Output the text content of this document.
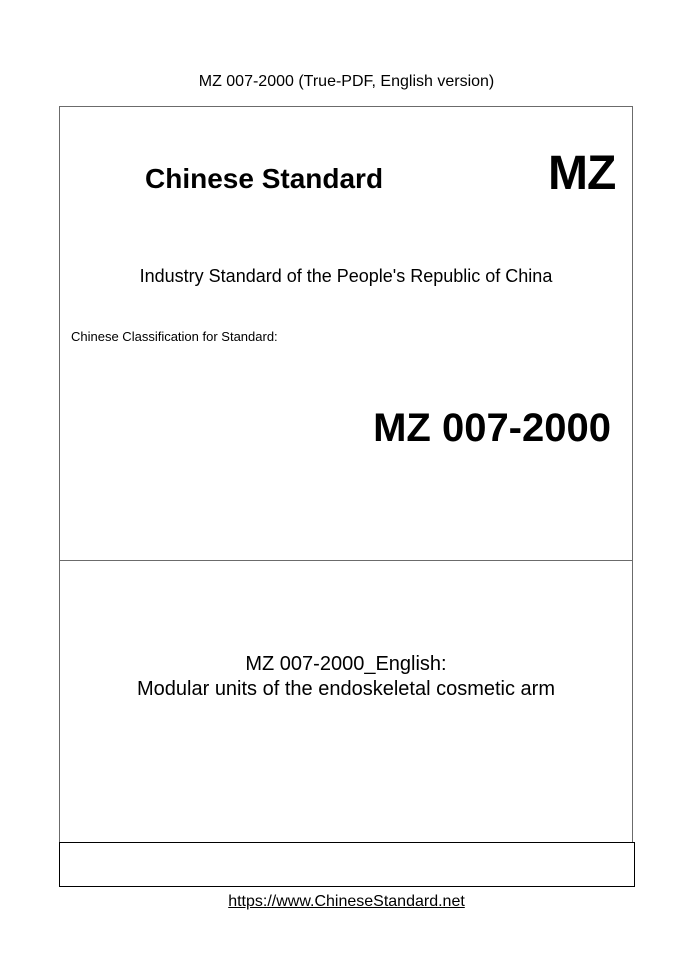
MZ 007-2000 (True-PDF, English version)
Chinese Standard	MZ
Industry Standard of the People's Republic of China
Chinese Classification for Standard:
MZ 007-2000
MZ 007-2000_English:
Modular units of the endoskeletal cosmetic arm
https://www.ChineseStandard.net
